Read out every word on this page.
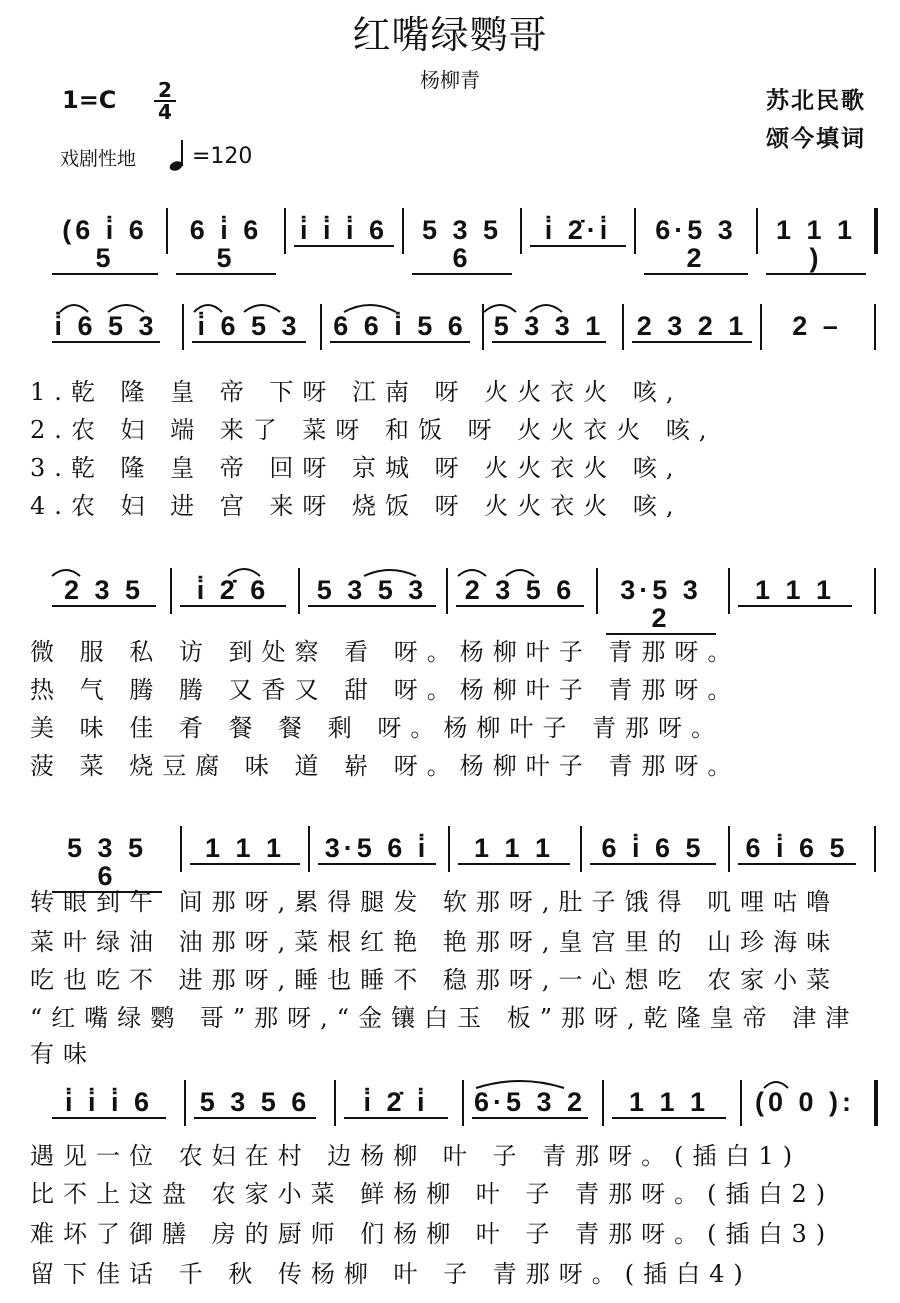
红嘴绿鹦哥
杨柳青
1=C	2
4	苏北民歌
颂今填词
戏剧性地	=120
(6 i̇ 6 5
6 i̇ 6 5
i̇ i̇ i̇ 6	5 3 5 6
i̇ 2̇·i̇	6·5 3 2
1 1 1 )
i̇ 6 5 3 i̇ 6 5 3 6 6 i̇ 5 6 5 3 3 1 2 3 2 1	2 –
1.乾 隆 皇 帝 下呀 江南 呀 火火衣火 咳,
2.农 妇 端 来了 菜呀 和饭 呀 火火衣火 咳,
3.乾 隆 皇 帝 回呀 京城 呀 火火衣火 咳,
4.农 妇 进 宫 来呀 烧饭 呀 火火衣火 咳,
2 3 5	i̇ 2̇ 6	5 3 5 3	2 3 5 6	3·5 3 2
1 1 1
微 服 私 访 到处察 看 呀。杨柳叶子 青那呀。
热 气 腾 腾 又香又 甜 呀。杨柳叶子 青那呀。
美 味 佳 肴 餐 餐 剩 呀。杨柳叶子 青那呀。
菠 菜 烧豆腐 味 道 崭 呀。杨柳叶子 青那呀。
5 3 5 6
1 1 1	3·5 6 i̇	1 1 1	6 i̇ 6 5	6 i̇ 6 5
转眼到午 间那呀,累得腿发 软那呀,肚子饿得 叽哩咕噜
菜叶绿油 油那呀,菜根红艳 艳那呀,皇宫里的 山珍海味
吃也吃不 进那呀,睡也睡不 稳那呀,一心想吃 农家小菜
“红嘴绿鹦 哥”那呀,“金镶白玉 板”那呀,乾隆皇帝 津津有味
i̇ i̇ i̇ 6	5 3 5 6	i̇ 2̇ i̇	6·5 3 2	1 1 1	(0 0 ):
遇见一位 农妇在村 边杨柳 叶 子 青那呀。(插白1)
比不上这盘 农家小菜 鲜杨柳 叶 子 青那呀。(插白2)
难坏了御膳 房的厨师 们杨柳 叶 子 青那呀。(插白3)
留下佳话 千 秋 传杨柳 叶 子 青那呀。(插白4)
